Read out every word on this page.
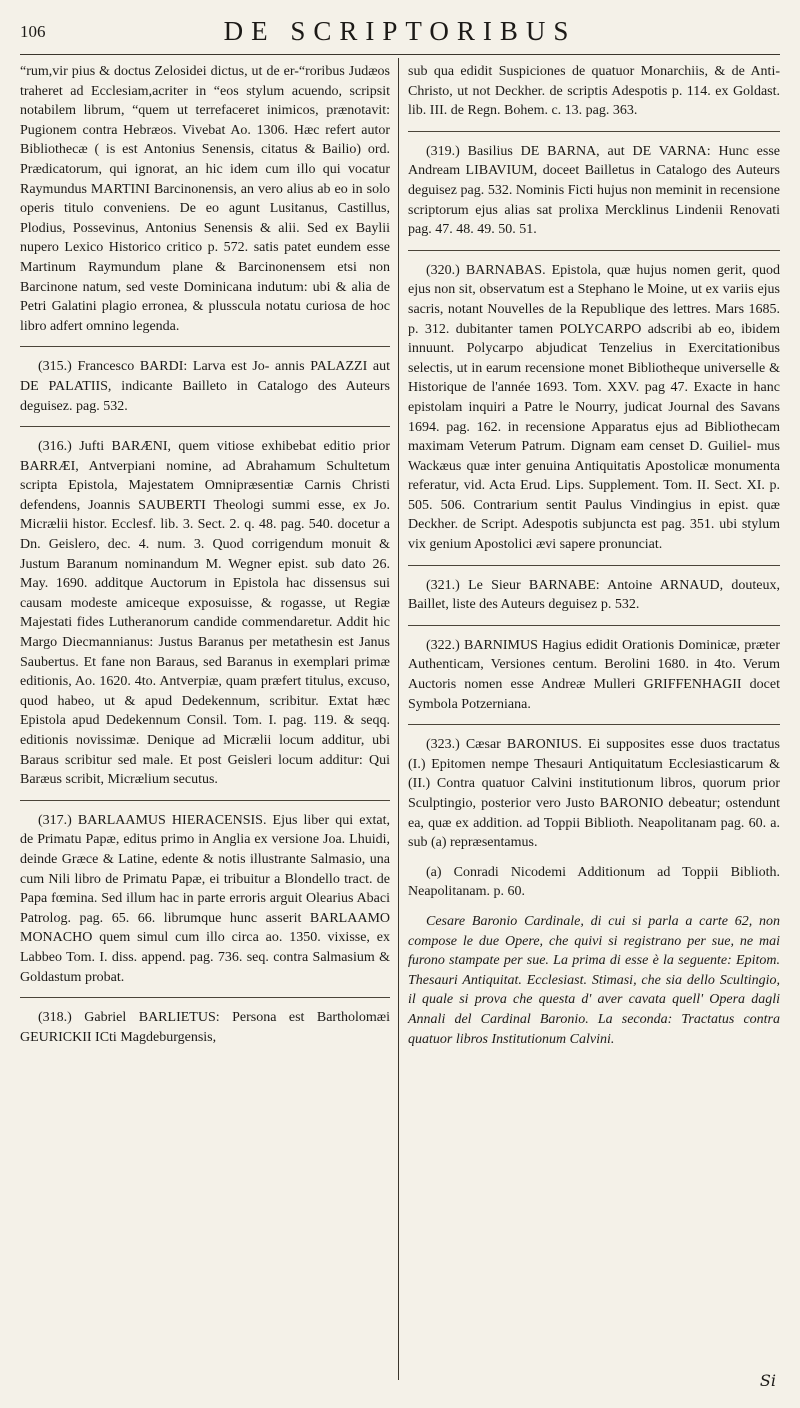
106	DE SCRIPTORIBUS

“rum,vir pius & doctus Zelosidei dictus, ut de er-“roribus Judæos traheret ad Ecclesiam,acriter in “eos stylum acuendo, scripsit notabilem librum, “quem ut terrefaceret inimicos, prænotavit: Pugionem contra Hebræos. Vivebat Ao. 1306. Hæc refert autor Bibliothecæ ( is est Antonius Senensis, citatus & Bailio) ord. Prædicatorum, qui ignorat, an hic idem cum illo qui vocatur Raymundus MARTINI Barcinonensis, an vero alius ab eo in solo operis titulo conveniens. De eo agunt Lusitanus, Castillus, Plodius, Possevinus, Antonius Senensis & alii. Sed ex Baylii nupero Lexico Historico critico p. 572. satis patet eundem esse Martinum Raymundum plane & Barcinonensem etsi non Barcinone natum, sed veste Dominicana indutum: ubi & alia de Petri Galatini plagio erronea, & plusscula notatu curiosa de hoc libro adfert omnino legenda.

(315.) Francesco BARDI: Larva est Jo- annis PALAZZI aut DE PALATIIS, indicante Bailleto in Catalogo des Auteurs deguisez. pag. 532.

(316.) Jufti BARÆNI, quem vitiose exhibebat editio prior BARRÆI, Antverpiani nomine, ad Abrahamum Schultetum scripta Epistola, Majestatem Omnipræsentiæ Carnis Christi defendens, Joannis SAUBERTI Theologi summi esse, ex Jo. Micrælii histor. Ecclesf. lib. 3. Sect. 2. q. 48. pag. 540. docetur a Dn. Geislero, dec. 4. num. 3. Quod corrigendum monuit & Justum Baranum nominandum M. Wegner epist. sub dato 26. May. 1690. additque Auctorum in Epistola hac dissensus sui causam modeste amiceque exposuisse, & rogasse, ut Regiæ Majestati fides Lutheranorum candide commendaretur. Addit hic Margo Diecmannianus: Justus Baranus per metathesin est Janus Saubertus. Et fane non Baraus, sed Baranus in exemplari primæ editionis, Ao. 1620. 4to. Antverpiæ, quam præfert titulus, excuso, quod habeo, ut & apud Dedekennum, scribitur. Extat hæc Epistola apud Dedekennum Consil. Tom. I. pag. 119. & seqq. editionis novissimæ. Denique ad Micrælii locum additur, ubi Baraus scribitur sed male. Et post Geisleri locum additur: Qui Baræus scribit, Micrælium secutus.

(317.) BARLAAMUS HIERACENSIS. Ejus liber qui extat, de Primatu Papæ, editus primo in Anglia ex versione Joa. Lhuidi, deinde Græce & Latine, edente & notis illustrante Salmasio, una cum Nili libro de Primatu Papæ, ei tribuitur a Blondello tract. de Papa fœmina. Sed illum hac in parte erroris arguit Olearius Abaci Patrolog. pag. 65. 66. librumque hunc asserit BARLAAMO MONACHO quem simul cum illo circa ao. 1350. vixisse, ex Labbeo Tom. I. diss. append. pag. 736. seq. contra Salmasium & Goldastum probat.

(318.) Gabriel BARLIETUS: Persona est Bartholomæi GEURICKII ICti Magdeburgensis,

sub qua edidit Suspiciones de quatuor Monarchiis, & de Anti-Christo, ut not Deckher. de scriptis Adespotis p. 114. ex Goldast. lib. III. de Regn. Bohem. c. 13. pag. 363.

(319.) Basilius DE BARNA, aut DE VARNA: Hunc esse Andream LIBAVIUM, doceet Bailletus in Catalogo des Auteurs deguisez pag. 532. Nominis Ficti hujus non meminit in recensione scriptorum ejus alias sat prolixa Mercklinus Lindenii Renovati pag. 47. 48. 49. 50. 51.

(320.) BARNABAS. Epistola, quæ hujus nomen gerit, quod ejus non sit, observatum est a Stephano le Moine, ut ex variis ejus sacris, notant Nouvelles de la Republique des lettres. Mars 1685. p. 312. dubitanter tamen POLYCARPO adscribi ab eo, ibidem innuunt. Polycarpo abjudicat Tenzelius in Exercitationibus selectis, ut in earum recensione monet Bibliotheque universelle & Historique de l'année 1693. Tom. XXV. pag 47. Exacte in hanc epistolam inquiri a Patre le Nourry, judicat Journal des Savans 1694. pag. 162. in recensione Apparatus ejus ad Bibliothecam maximam Veterum Patrum. Dignam eam censet D. Guiliel- mus Wackæus quæ inter genuina Antiquitatis Apostolicæ monumenta referatur, vid. Acta Erud. Lips. Supplement. Tom. II. Sect. XI. p. 505. 506. Contrarium sentit Paulus Vindingius in epist. quæ Deckher. de Script. Adespotis subjuncta est pag. 351. ubi stylum vix genium Apostolici ævi sapere pronunciat.

(321.) Le Sieur BARNABE: Antoine ARNAUD, douteux, Baillet, liste des Auteurs deguisez p. 532.

(322.) BARNIMUS Hagius edidit Orationis Dominicæ, præter Authenticam, Versiones centum. Berolini 1680. in 4to. Verum Auctoris nomen esse Andreæ Mulleri GRIFFENHAGII docet Symbola Potzerniana.

(323.) Cæsar BARONIUS. Ei supposites esse duos tractatus (I.) Epitomen nempe Thesauri Antiquitatum Ecclesiasticarum & (II.) Contra quatuor Calvini institutionum libros, quorum prior Sculptingio, posterior vero Justo BARONIO debeatur; ostendunt ea, quæ ex addition. ad Toppii Biblioth. Neapolitanam pag. 60. a. sub (a) repræsentamus.

(a) Conradi Nicodemi Additionum ad Toppii Biblioth. Neapolitanam. p. 60.

Cesare Baronio Cardinale, di cui si parla a carte 62, non compose le due Opere, che quivi si registrano per sue, ne mai furono stampate per sue. La prima di esse è la seguente: Epitom. Thesauri Antiquitat. Ecclesiast. Stimasi, che sia dello Scultingio, il quale si prova che questa d' aver cavata quell' Opera dagli Annali del Cardinal Baronio. La seconda: Tractatus contra quatuor libros Institutionum Calvini.

Si
